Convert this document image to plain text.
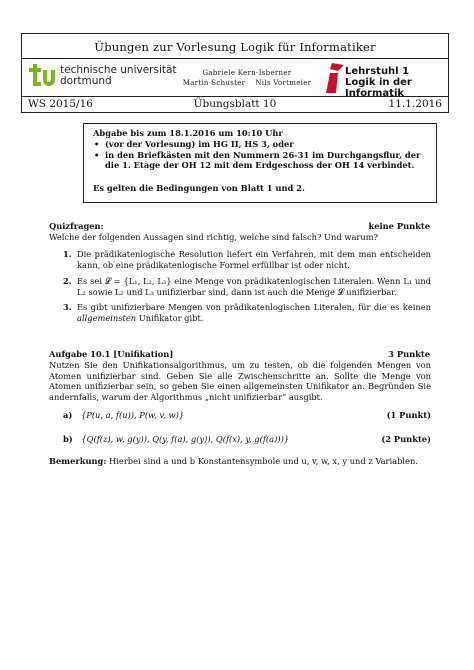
Übungen zur Vorlesung Logik für Informatiker
technische universität
dortmund
Gabriele Kern-Isberner
Martin Schuster    Nils Vortmeier
Lehrstuhl 1
Logik in der Informatik
WS 2015/16	Übungsblatt 10	11.1.2016
Abgabe bis zum 18.1.2016 um 10:10 Uhr
• (vor der Vorlesung) im HG II, HS 3, oder
• in den Briefkästen mit den Nummern 26-31 im Durchgangsflur, der die 1. Etage der OH 12 mit dem Erdgeschoss der OH 14 verbindet.
Es gelten die Bedingungen von Blatt 1 und 2.
Quizfragen:	keine Punkte
Welche der folgenden Aussagen sind richtig, welche sind falsch? Und warum?
1. Die prädikatenlogische Resolution liefert ein Verfahren, mit dem man entscheiden kann, ob eine prädikatenlogische Formel erfüllbar ist oder nicht.
2. Es sei 𝓛 = {L₁, L₂, L₃} eine Menge von prädikatenlogischen Literalen. Wenn L₁ und L₂ sowie L₂ und L₃ unifizierbar sind, dann ist auch die Menge 𝓛 unifizierbar.
3. Es gibt unifizierbare Mengen von prädikatenlogischen Literalen, für die es keinen allgemeinsten Unifikator gibt.
Aufgabe 10.1 [Unifikation]	3 Punkte
Nutzen Sie den Unifikationsalgorithmus, um zu testen, ob die folgenden Mengen von Atomen unifizierbar sind. Geben Sie alle Zwischenschritte an. Sollte die Menge von Atomen unifizierbar sein, so geben Sie einen allgemeinsten Unifikator an. Begründen Sie andernfalls, warum der Algorithmus „nicht unifizierbar“ ausgibt.
a) {P(u, a, f(u)), P(w, v, w)}	(1 Punkt)
b) {Q(f(z), w, g(y)), Q(y, f(a), g(y)), Q(f(x), y, g(f(a)))}	(2 Punkte)
Bemerkung: Hierbei sind a und b Konstantensymbole und u, v, w, x, y und z Variablen.
